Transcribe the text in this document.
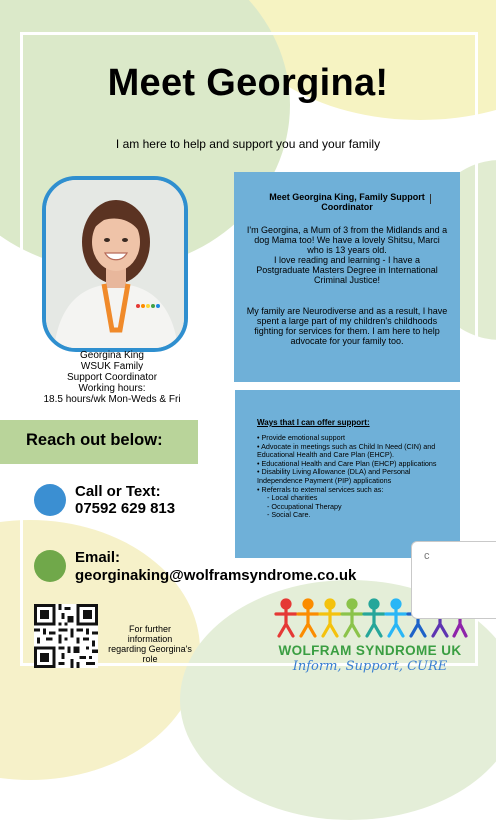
Meet Georgina!
I am here to help and support you and your family
Georgina King
WSUK Family
Support Coordinator
Working hours:
18.5 hours/wk Mon-Weds & Fri
Meet Georgina King, Family Support Coordinator
I'm Georgina, a Mum of 3 from the Midlands and a dog Mama too! We have a lovely Shitsu, Marci who is 13 years old.
I love reading and learning - I have a Postgraduate Masters Degree in International Criminal Justice!
My family are Neurodiverse and as a result, I have spent a large part of my children's childhoods fighting for services for them. I am here to help advocate for your family too.
Ways that I can offer support:
• Provide emotional support
• Advocate in meetings such as Child In Need (CIN) and Educational Health and Care Plan (EHCP).
• Educational Health and Care Plan (EHCP) applications
• Disability Living Allowance (DLA) and Personal Independence Payment (PIP) applications
• Referrals to external services such as:
- Local charities
- Occupational Therapy
- Social Care.
Reach out below:
Call or Text:
07592 629 813
Email:
georginaking@wolframsyndrome.co.uk
For further information regarding Georgina's role
WOLFRAM SYNDROME UK
Inform, Support, CURE
c
